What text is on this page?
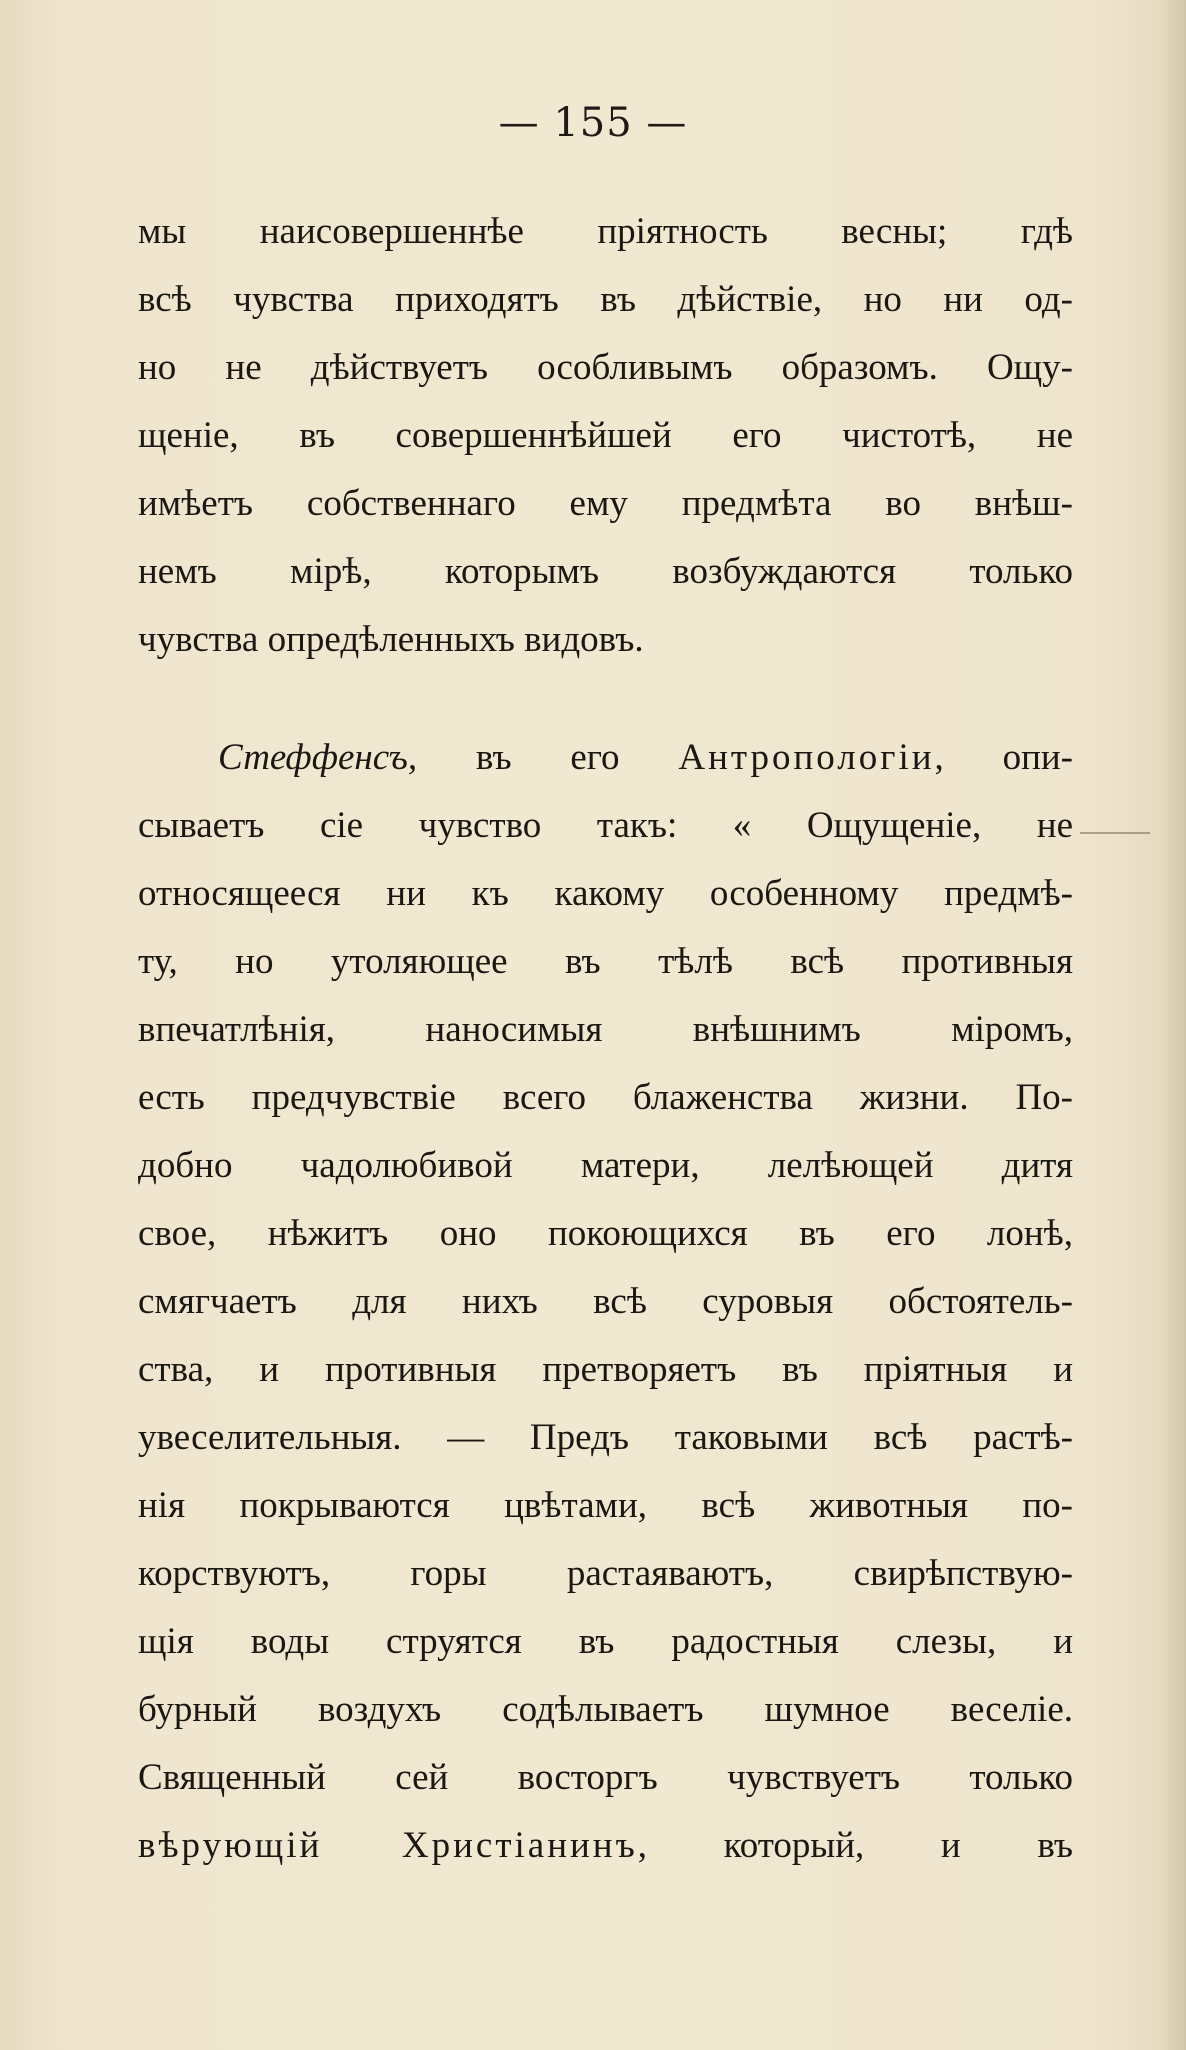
— 155 —
мы наисовершеннѣе пріятность весны; гдѣ
всѣ чувства приходятъ въ дѣйствіе, но ни од-
но не дѣйствуетъ особливымъ образомъ. Ощу-
щеніе, въ совершеннѣйшей его чистотѣ, не
имѣетъ собственнаго ему предмѣта во внѣш-
немъ мірѣ, которымъ возбуждаются только
чувства опредѣленныхъ видовъ.
Стеффенсъ, въ его Антропологіи, опи-
сываетъ сіе чувство такъ: « Ощущеніе, не
относящееся ни къ какому особенному предмѣ-
ту, но утоляющее въ тѣлѣ всѣ противныя
впечатлѣнія, наносимыя внѣшнимъ міромъ,
есть предчувствіе всего блаженства жизни. По-
добно чадолюбивой матери, лелѣющей дитя
свое, нѣжитъ оно покоющихся въ его лонѣ,
смягчаетъ для нихъ всѣ суровыя обстоятель-
ства, и противныя претворяетъ въ пріятныя и
увеселительныя. — Предъ таковыми всѣ растѣ-
нія покрываются цвѣтами, всѣ животныя по-
корствуютъ, горы растаяваютъ, свирѣпствую-
щія воды струятся въ радостныя слезы, и
бурный воздухъ содѣлываетъ шумное веселіе.
Священный сей восторгъ чувствуетъ только
вѣрующій Христіанинъ, который, и въ
